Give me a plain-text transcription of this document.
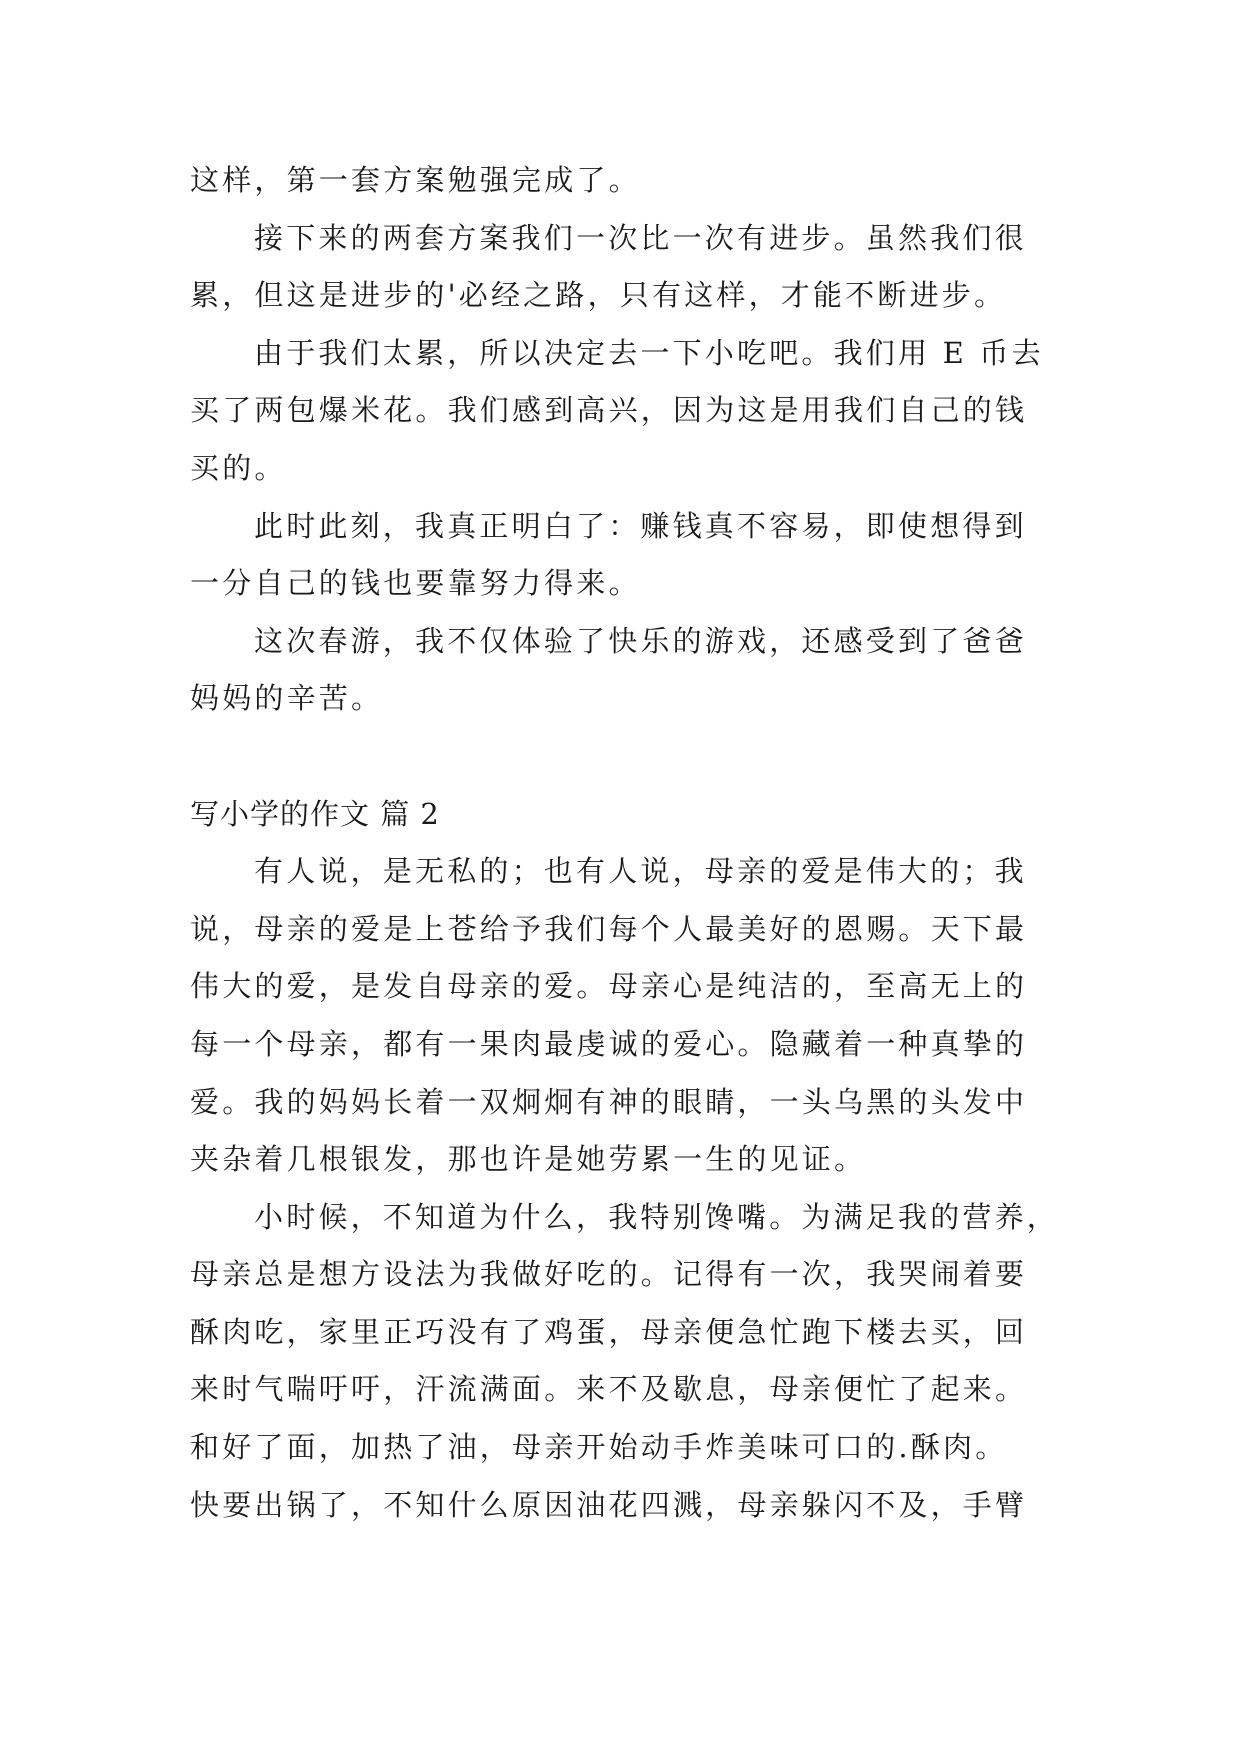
这样，第一套方案勉强完成了。
接下来的两套方案我们一次比一次有进步。虽然我们很
累，但这是进步的'必经之路，只有这样，才能不断进步。
由于我们太累，所以决定去一下小吃吧。我们用 E 币去
买了两包爆米花。我们感到高兴，因为这是用我们自己的钱
买的。
此时此刻，我真正明白了：赚钱真不容易，即使想得到
一分自己的钱也要靠努力得来。
这次春游，我不仅体验了快乐的游戏，还感受到了爸爸
妈妈的辛苦。
写小学的作文 篇 2
有人说，是无私的；也有人说，母亲的爱是伟大的；我
说，母亲的爱是上苍给予我们每个人最美好的恩赐。天下最
伟大的爱，是发自母亲的爱。母亲心是纯洁的，至高无上的
每一个母亲，都有一果肉最虔诚的爱心。隐藏着一种真挚的
爱。我的妈妈长着一双炯炯有神的眼睛，一头乌黑的头发中
夹杂着几根银发，那也许是她劳累一生的见证。
小时候，不知道为什么，我特别馋嘴。为满足我的营养，
母亲总是想方设法为我做好吃的。记得有一次，我哭闹着要
酥肉吃，家里正巧没有了鸡蛋，母亲便急忙跑下楼去买，回
来时气喘吁吁，汗流满面。来不及歇息，母亲便忙了起来。
和好了面，加热了油，母亲开始动手炸美味可口的.酥肉。
快要出锅了，不知什么原因油花四溅，母亲躲闪不及，手臂
